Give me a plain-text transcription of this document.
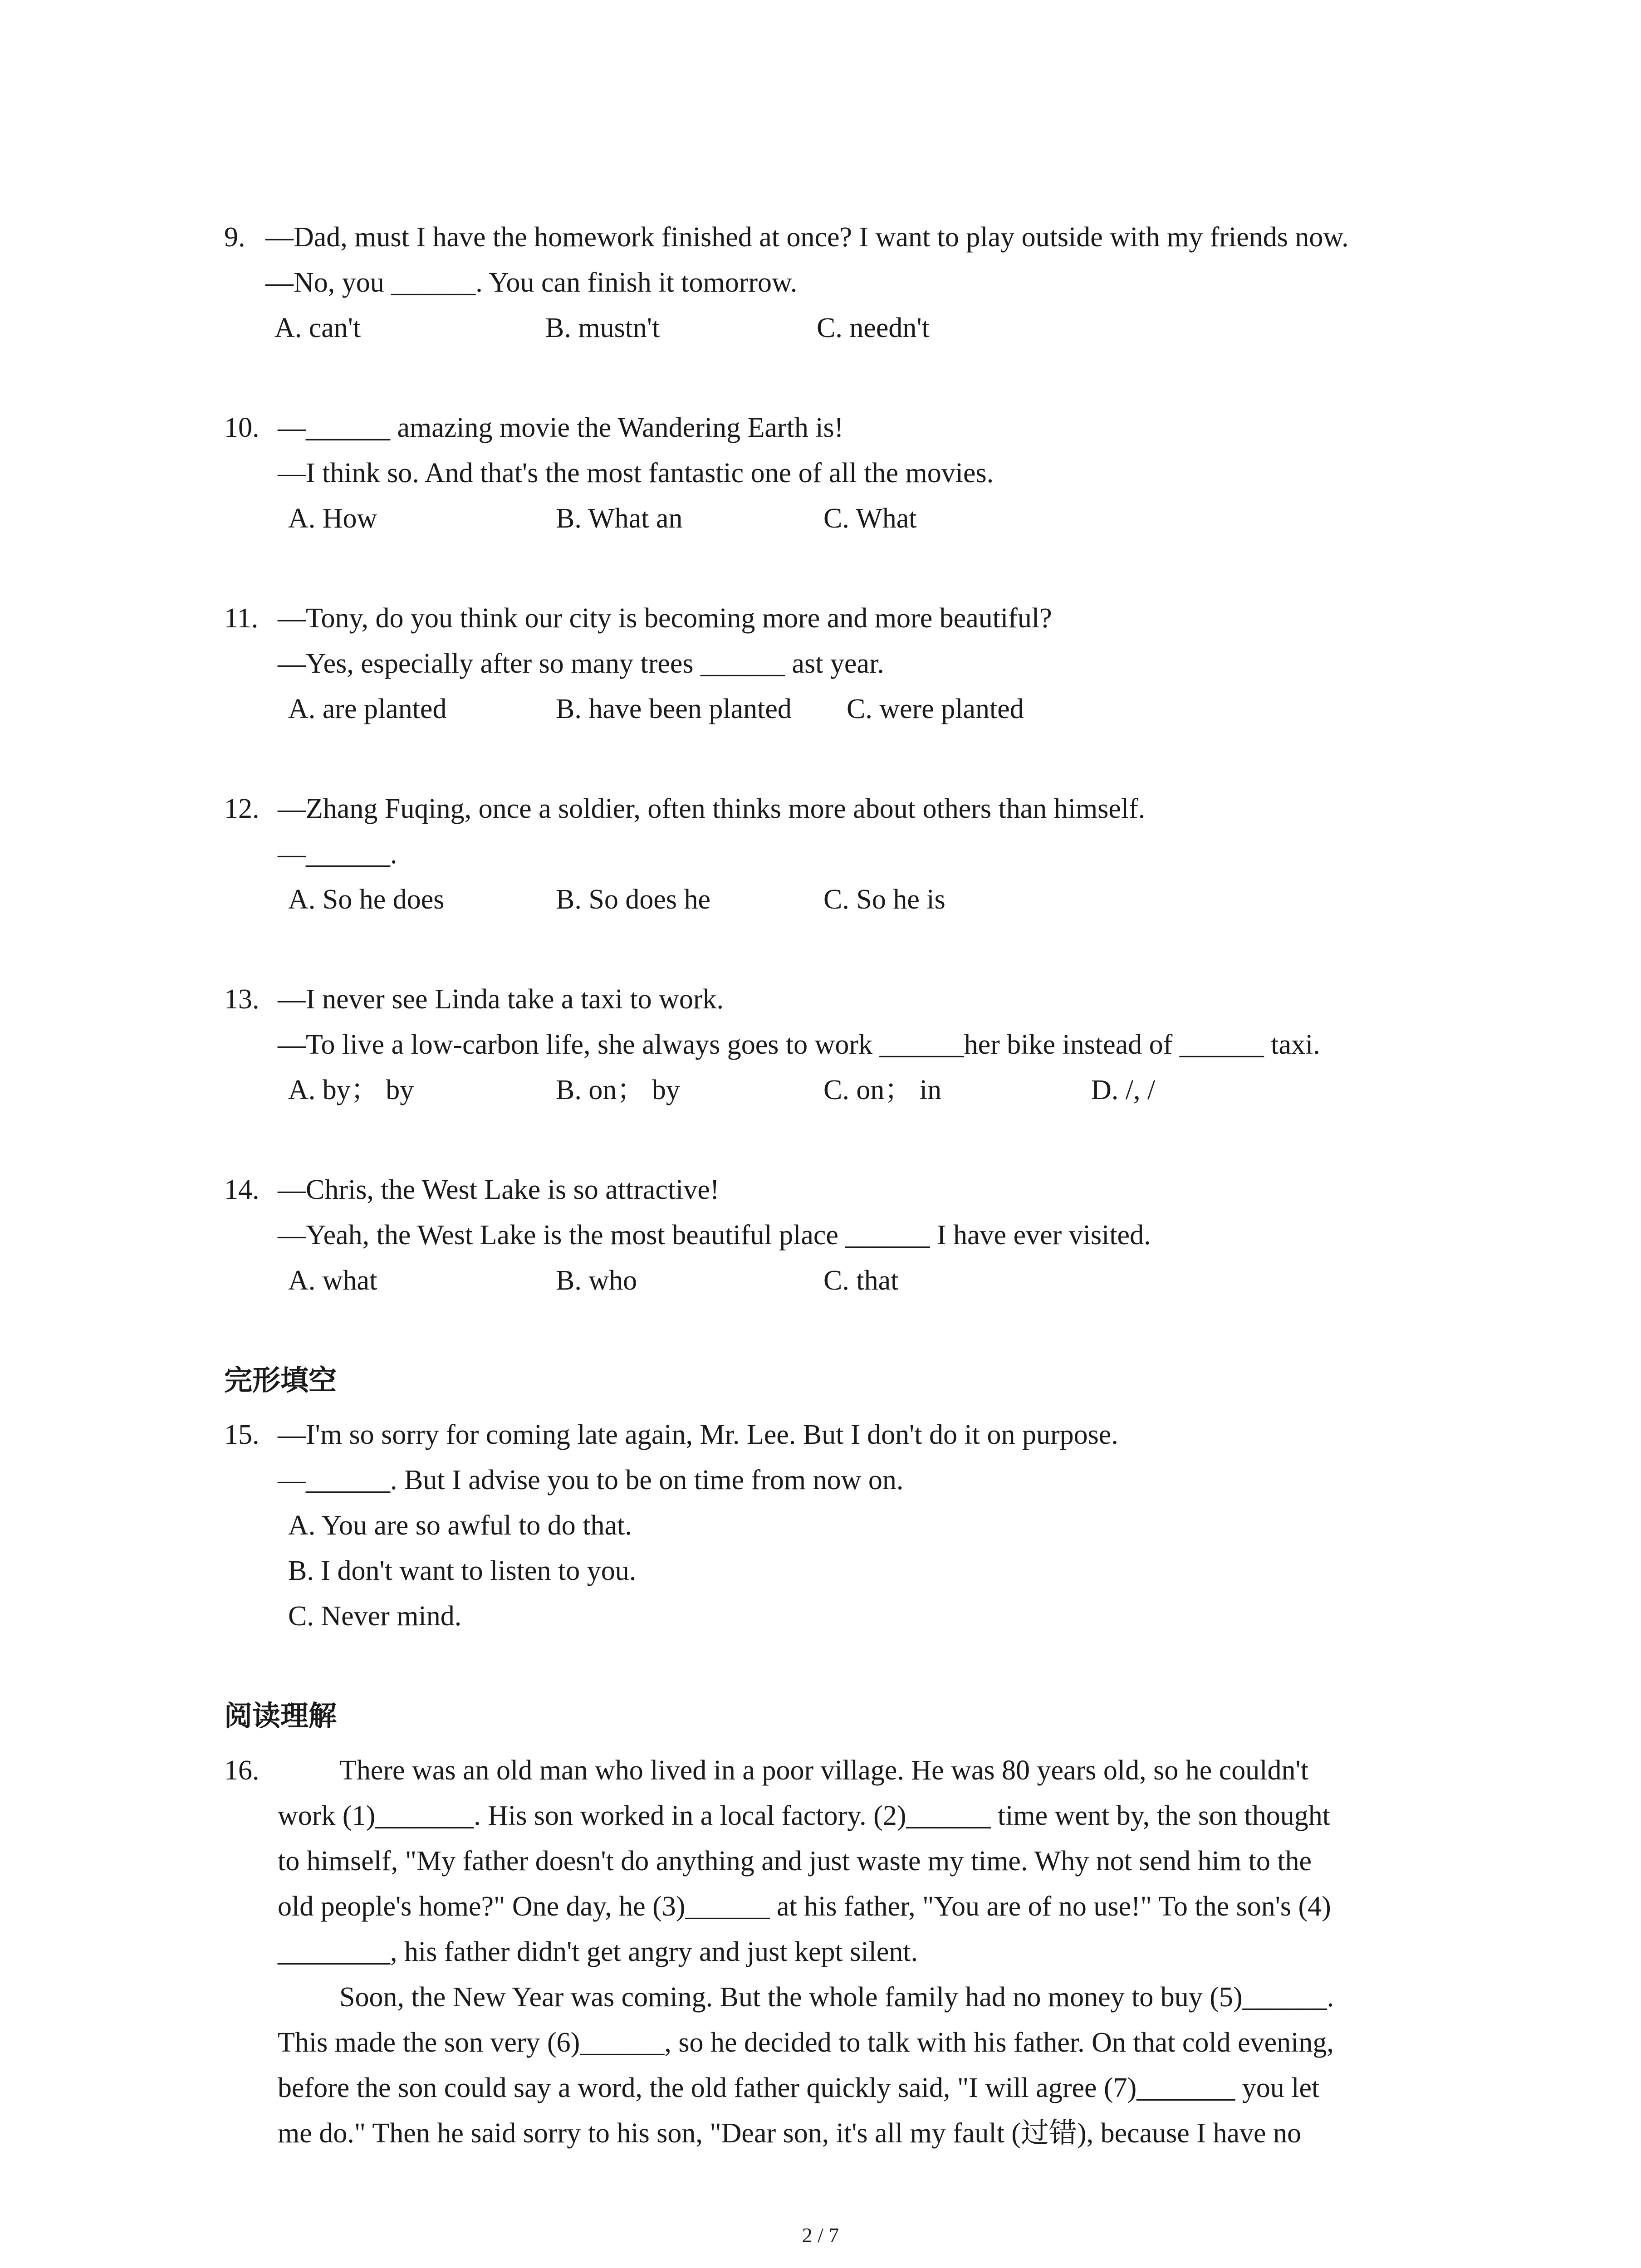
9. —Dad, must I have the homework finished at once? I want to play outside with my friends now.
—No, you ______. You can finish it tomorrow.
A. can't	B. mustn't	C. needn't
10. —______ amazing movie the Wandering Earth is!
—I think so. And that's the most fantastic one of all the movies.
A. How	B. What an	C. What
11. —Tony, do you think our city is becoming more and more beautiful?
—Yes, especially after so many trees ______ ast year.
A. are planted	B. have been planted C. were planted
12. —Zhang Fuqing, once a soldier, often thinks more about others than himself.
—______.
A. So he does	B. So does he	C. So he is
13. —I never see Linda take a taxi to work.
—To live a low-carbon life, she always goes to work ______her bike instead of ______ taxi.
A. by； by	B. on； by	C. on； in	D. /, /
14. —Chris, the West Lake is so attractive!
—Yeah, the West Lake is the most beautiful place ______ I have ever visited.
A. what	B. who	C. that
完形填空
15. —I'm so sorry for coming late again, Mr. Lee. But I don't do it on purpose.
—______. But I advise you to be on time from now on.
A. You are so awful to do that.
B. I don't want to listen to you.
C. Never mind.
阅读理解
16.	There was an old man who lived in a poor village. He was 80 years old, so he couldn't
work (1)_______. His son worked in a local factory. (2)______ time went by, the son thought
to himself, "My father doesn't do anything and just waste my time. Why not send him to the
old people's home?" One day, he (3)______ at his father, "You are of no use!" To the son's (4)
________, his father didn't get angry and just kept silent.
Soon, the New Year was coming. But the whole family had no money to buy (5)______.
This made the son very (6)______, so he decided to talk with his father. On that cold evening,
before the son could say a word, the old father quickly said, "I will agree (7)_______ you let
me do." Then he said sorry to his son, "Dear son, it's all my fault (过错), because I have no
2 / 7
